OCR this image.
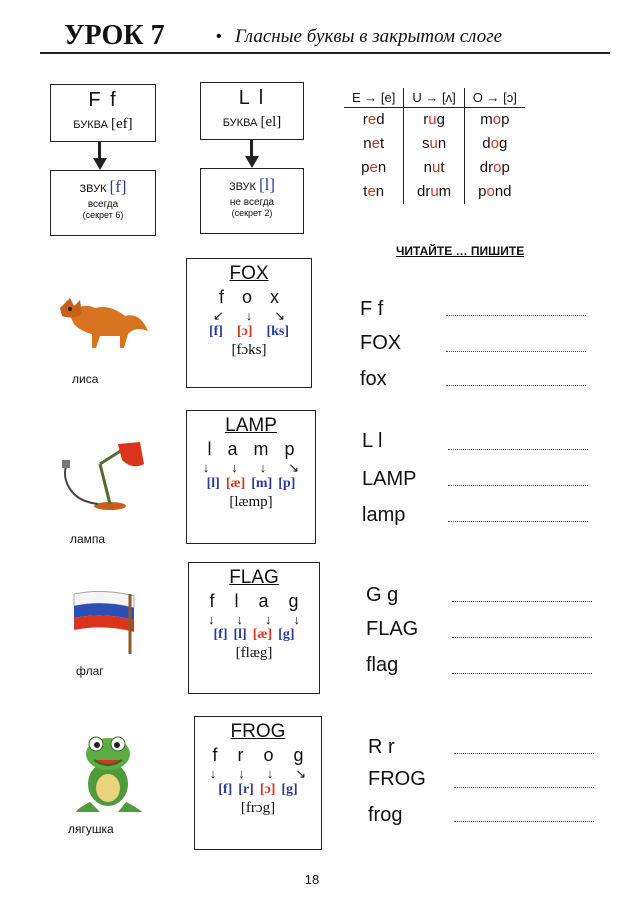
УРОК 7	• Гласные буквы в закрытом слоге
F f
БУКВА [ef]
ЗВУК [f]
всегда
(секрет 6)
L l
БУКВА [el]
ЗВУК [l]
не всегда
(секрет 2)
E → [e]	U → [ʌ]	O → [ɔ]
red	rug	mop
net	sun	dog
pen	nut	drop
ten	drum	pond
ЧИТАЙТЕ … ПИШИТЕ
лиса
FOX
f o x
↙ ↓ ↘
[f] [ɔ] [ks]
[fɔks]
F f
FOX
fox
лампа
LAMP
l a m p
↓ ↓ ↓ ↘
[l] [æ] [m] [p]
[læmp]
L l
LAMP
lamp
флаг
FLAG
f l a g
↓ ↓ ↓ ↓
[f] [l] [æ] [g]
[flæg]
G g
FLAG
flag
лягушка
FROG
f r o g
↓ ↓ ↓ ↘
[f] [r] [ɔ] [g]
[frɔg]
R r
FROG
frog
18
